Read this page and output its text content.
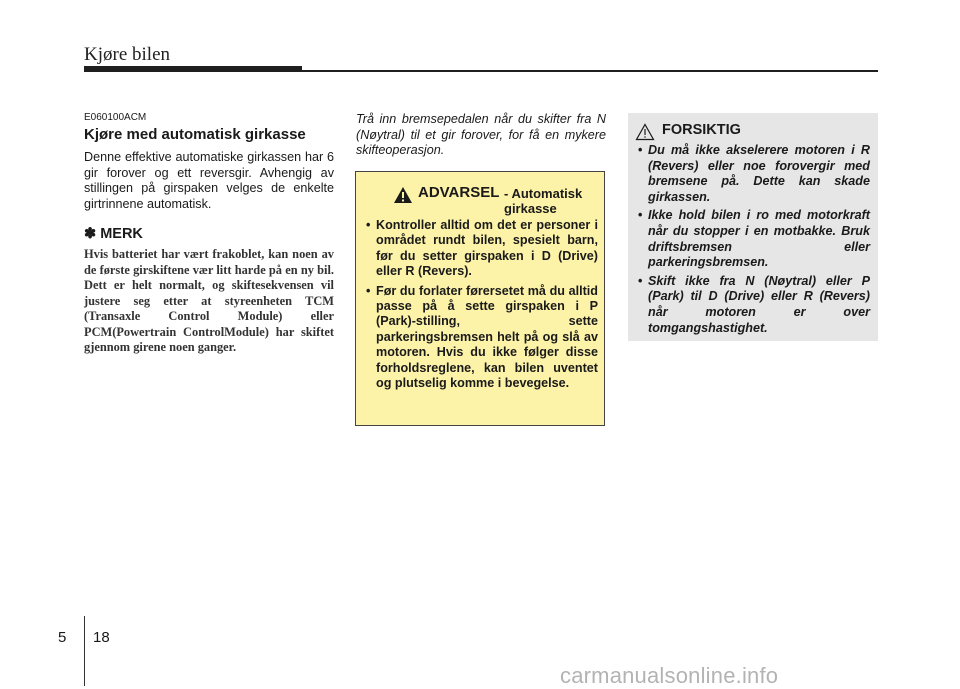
Kjøre bilen
E060100ACM
Kjøre med automatisk girkasse
Denne effektive automatiske girkassen har 6 gir forover og ett reversgir. Avhengig av stillingen på girspaken velges de enkelte girtrinnene automatisk.
✽ MERK
Hvis batteriet har vært frakoblet, kan noen av de første girskiftene vær litt harde på en ny bil. Dett er helt normalt, og skiftesekvensen vil justere seg etter at styreenheten TCM (Transaxle Control Module) eller PCM(Powertrain ControlModule) har skiftet gjennom girene noen ganger.
Trå inn bremsepedalen når du skifter fra N (Nøytral) til et gir forover, for få en mykere skifteoperasjon.
ADVARSEL - Automatisk girkasse
• Kontroller alltid om det er personer i området rundt bilen, spesielt barn, før du setter girspaken i D (Drive) eller R (Revers).
• Før du forlater førersetet må du alltid passe på å sette girspaken i P (Park)-stilling, sette parkeringsbremsen helt på og slå av motoren. Hvis du ikke følger disse forholdsreglene, kan bilen uventet og plutselig komme i bevegelse.
FORSIKTIG
• Du må ikke akselerere motoren i R (Revers) eller noe forovergir med bremsene på. Dette kan skade girkassen.
• Ikke hold bilen i ro med motorkraft når du stopper i en motbakke. Bruk driftsbremsen eller parkeringsbremsen.
• Skift ikke fra N (Nøytral) eller P (Park) til D (Drive) eller R (Revers) når motoren er over tomgangshastighet.
5 18
carmanualsonline.info
